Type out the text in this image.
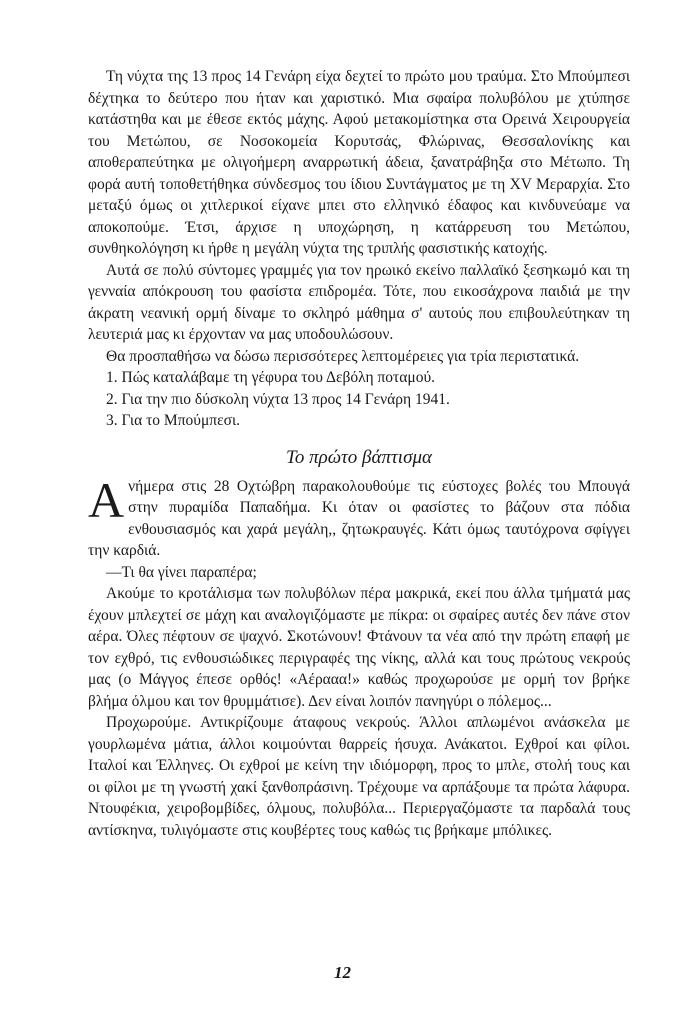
Τη νύχτα της 13 προς 14 Γενάρη είχα δεχτεί το πρώτο μου τραύμα. Στο Μπούμπεσι δέχτηκα το δεύτερο που ήταν και χαριστικό. Μια σφαίρα πολυβόλου με χτύπησε κατάστηθα και με έθεσε εκτός μάχης. Αφού μετακομίστηκα στα Ορεινά Χειρουργεία του Μετώπου, σε Νοσοκομεία Κορυτσάς, Φλώρινας, Θεσσαλονίκης και αποθεραπεύτηκα με ολιγοήμερη αναρρωτική άδεια, ξανατράβηξα στο Μέτωπο. Τη φορά αυτή τοποθετήθηκα σύνδεσμος του ίδιου Συντάγματος με τη XV Μεραρχία. Στο μεταξύ όμως οι χιτλερικοί είχανε μπει στο ελληνικό έδαφος και κινδυνεύαμε να αποκοπούμε. Έτσι, άρχισε η υποχώρηση, η κατάρρευση του Μετώπου, συνθηκολόγηση κι ήρθε η μεγάλη νύχτα της τριπλής φασιστικής κατοχής.

Αυτά σε πολύ σύντομες γραμμές για τον ηρωικό εκείνο παλλαϊκό ξεσηκωμό και τη γενναία απόκρουση του φασίστα επιδρομέα. Τότε, που εικοσάχρονα παιδιά με την άκρατη νεανική ορμή δίναμε το σκληρό μάθημα σ' αυτούς που επιβουλεύτηκαν τη λευτεριά μας κι έρχονταν να μας υποδουλώσουν.

Θα προσπαθήσω να δώσω περισσότερες λεπτομέρειες για τρία περιστατικά.

1. Πώς καταλάβαμε τη γέφυρα του Δεβόλη ποταμού.

2. Για την πιο δύσκολη νύχτα 13 προς 14 Γενάρη 1941.

3. Για το Μπούμπεσι.

Το πρώτο βάπτισμα

Ανήμερα στις 28 Οχτώβρη παρακολουθούμε τις εύστοχες βολές του Μπουγά στην πυραμίδα Παπαδήμα. Κι όταν οι φασίστες το βάζουν στα πόδια ενθουσιασμός και χαρά μεγάλη,, ζητωκραυγές. Κάτι όμως ταυτόχρονα σφίγγει την καρδιά.

—Τι θα γίνει παραπέρα;

Ακούμε το κροτάλισμα των πολυβόλων πέρα μακρικά, εκεί που άλλα τμήματά μας έχουν μπλεχτεί σε μάχη και αναλογιζόμαστε με πίκρα: οι σφαίρες αυτές δεν πάνε στον αέρα. Όλες πέφτουν σε ψαχνό. Σκοτώνουν! Φτάνουν τα νέα από την πρώτη επαφή με τον εχθρό, τις ενθουσιώδικες περιγραφές της νίκης, αλλά και τους πρώτους νεκρούς μας (ο Μάγγος έπεσε ορθός! «Αέρααα!» καθώς προχωρούσε με ορμή τον βρήκε βλήμα όλμου και τον θρυμμάτισε). Δεν είναι λοιπόν πανηγύρι ο πόλεμος...

Προχωρούμε. Αντικρίζουμε άταφους νεκρούς. Άλλοι απλωμένοι ανάσκελα με γουρλωμένα μάτια, άλλοι κοιμούνται θαρρείς ήσυχα. Ανάκατοι. Εχθροί και φίλοι. Ιταλοί και Έλληνες. Οι εχθροί με κείνη την ιδιόμορφη, προς το μπλε, στολή τους και οι φίλοι με τη γνωστή χακί ξανθοπράσινη. Τρέχουμε να αρπάξουμε τα πρώτα λάφυρα. Ντουφέκια, χειροβομβίδες, όλμους, πολυβόλα... Περιεργαζόμαστε τα παρδαλά τους αντίσκηνα, τυλιγόμαστε στις κουβέρτες τους καθώς τις βρήκαμε μπόλικες.

12
